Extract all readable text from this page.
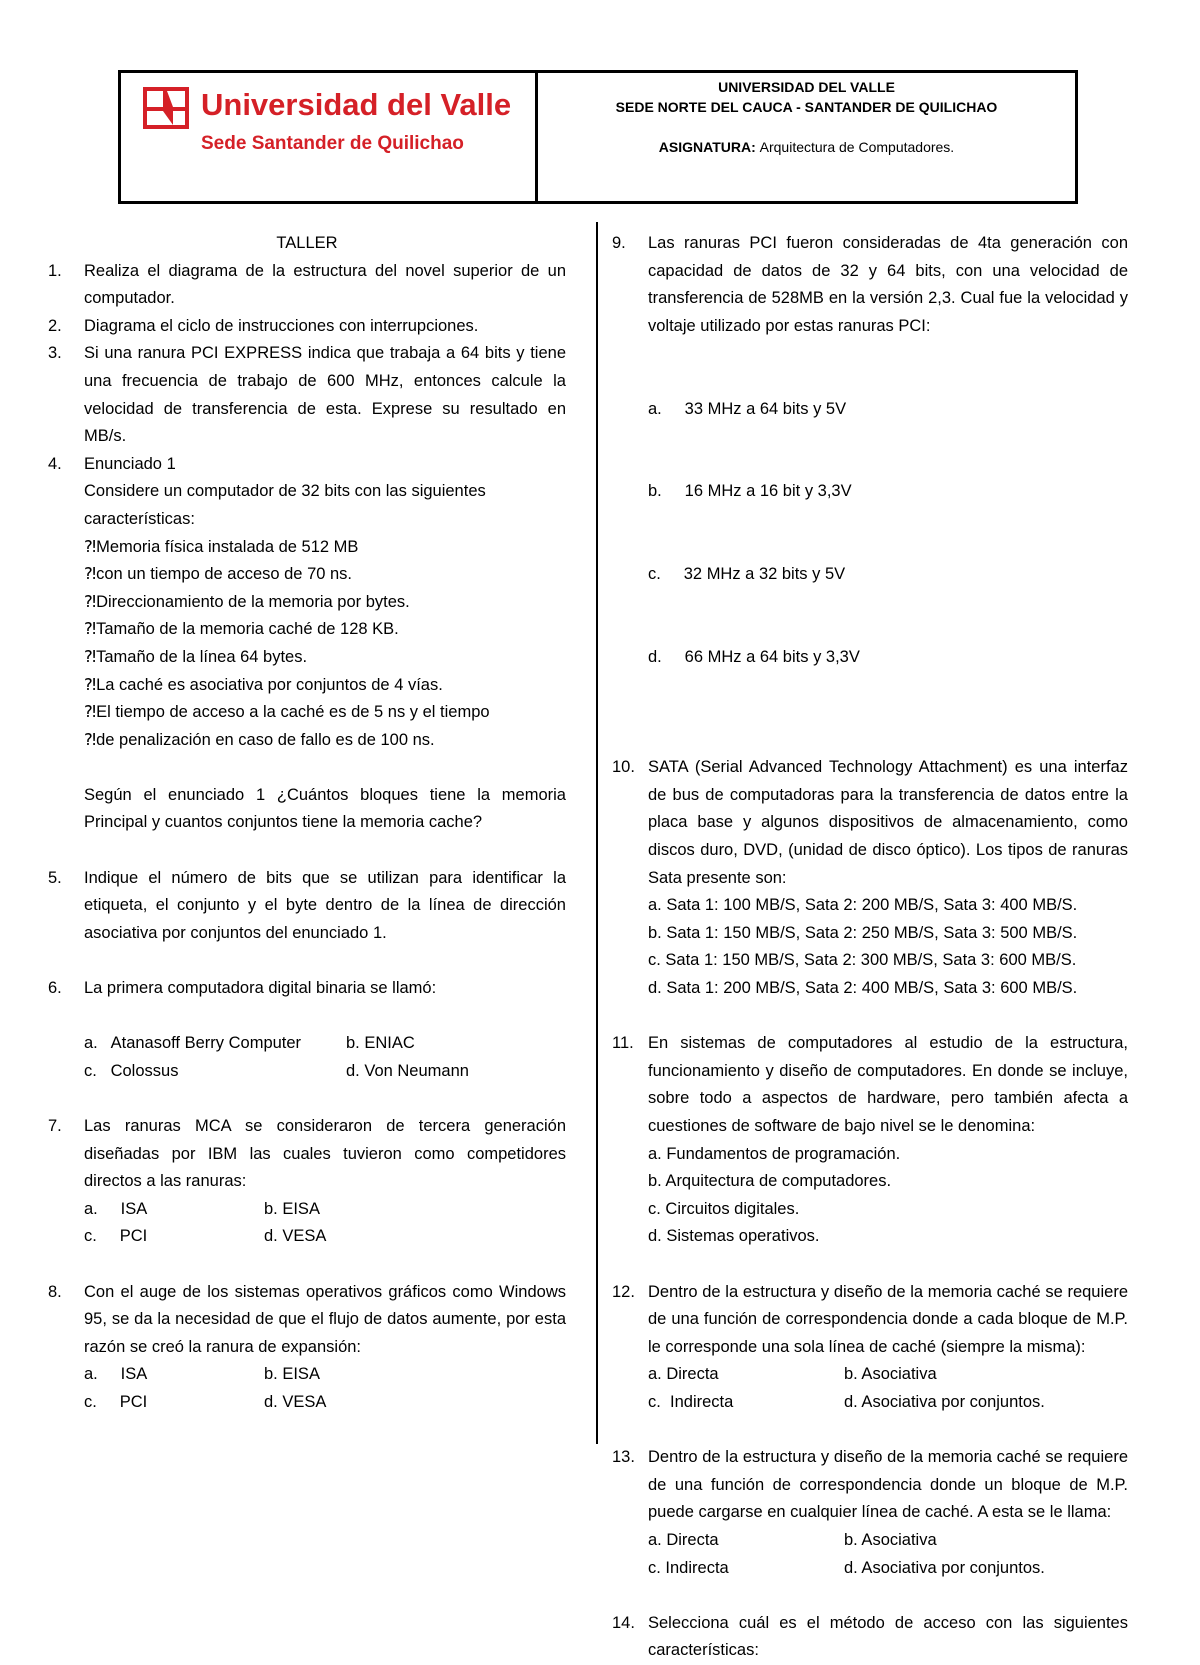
Universidad del Valle
Sede Santander de Quilichao
UNIVERSIDAD DEL VALLE
SEDE NORTE DEL CAUCA - SANTANDER DE QUILICHAO
ASIGNATURA: Arquitectura de Computadores.
TALLER
1. Realiza el diagrama de la estructura del novel superior de un computador.
2. Diagrama el ciclo de instrucciones con interrupciones.
3. Si una ranura PCI EXPRESS indica que trabaja a 64 bits y tiene una frecuencia de trabajo de 600 MHz, entonces calcule la velocidad de transferencia de esta. Exprese su resultado en MB/s.
4. Enunciado 1
Considere un computador de 32 bits con las siguientes características:
⁈Memoria física instalada de 512 MB
⁈con un tiempo de acceso de 70 ns.
⁈Direccionamiento de la memoria por bytes.
⁈Tamaño de la memoria caché de 128 KB.
⁈Tamaño de la línea 64 bytes.
⁈La caché es asociativa por conjuntos de 4 vías.
⁈El tiempo de acceso a la caché es de 5 ns y el tiempo
⁈de penalización en caso de fallo es de 100 ns.
Según el enunciado 1 ¿Cuántos bloques tiene la memoria Principal y cuantos conjuntos tiene la memoria cache?
5. Indique el número de bits que se utilizan para identificar la etiqueta, el conjunto y el byte dentro de la línea de dirección asociativa por conjuntos del enunciado 1.
6. La primera computadora digital binaria se llamó:
a.   Atanasoff Berry Computer	b. ENIAC
c.   Colossus	d. Von Neumann
7. Las ranuras MCA se consideraron de tercera generación diseñadas por IBM las cuales tuvieron como competidores directos a las ranuras:
a.     ISA	b. EISA
c.     PCI	d. VESA
8. Con el auge de los sistemas operativos gráficos como Windows 95, se da la necesidad de que el flujo de datos aumente, por esta razón se creó la ranura de expansión:
a.     ISA	b. EISA
c.     PCI	d. VESA
9. Las ranuras PCI fueron consideradas de 4ta generación con capacidad de datos de 32 y 64 bits, con una velocidad de transferencia de 528MB en la versión 2,3. Cual fue la velocidad y voltaje utilizado por estas ranuras PCI:

a.     33 MHz a 64 bits y 5V

b.     16 MHz a 16 bit y 3,3V

c.     32 MHz a 32 bits y 5V

d.     66 MHz a 64 bits y 3,3V

10. SATA (Serial Advanced Technology Attachment) es una interfaz de bus de computadoras para la transferencia de datos entre la placa base y algunos dispositivos de almacenamiento, como discos duro, DVD, (unidad de disco óptico). Los tipos de ranuras Sata presente son:
a. Sata 1: 100 MB/S, Sata 2: 200 MB/S, Sata 3: 400 MB/S.
b. Sata 1: 150 MB/S, Sata 2: 250 MB/S, Sata 3: 500 MB/S.
c. Sata 1: 150 MB/S, Sata 2: 300 MB/S, Sata 3: 600 MB/S.
d. Sata 1: 200 MB/S, Sata 2: 400 MB/S, Sata 3: 600 MB/S.
11. En sistemas de computadores al estudio de la estructura, funcionamiento y diseño de computadores. En donde se incluye, sobre todo a aspectos de hardware, pero también afecta a cuestiones de software de bajo nivel se le denomina:
a. Fundamentos de programación.
b. Arquitectura de computadores.
c. Circuitos digitales.
d. Sistemas operativos.
12. Dentro de la estructura y diseño de la memoria caché se requiere de una función de correspondencia donde a cada bloque de M.P. le corresponde una sola línea de caché (siempre la misma):
a. Directa	b. Asociativa
c.  Indirecta	d. Asociativa por conjuntos.
13. Dentro de la estructura y diseño de la memoria caché se requiere de una función de correspondencia donde un bloque de M.P. puede cargarse en cualquier línea de caché. A esta se le llama:
a. Directa	b. Asociativa
c. Indirecta	d. Asociativa por conjuntos.
14. Selecciona cuál es el método de acceso con las siguientes características:
